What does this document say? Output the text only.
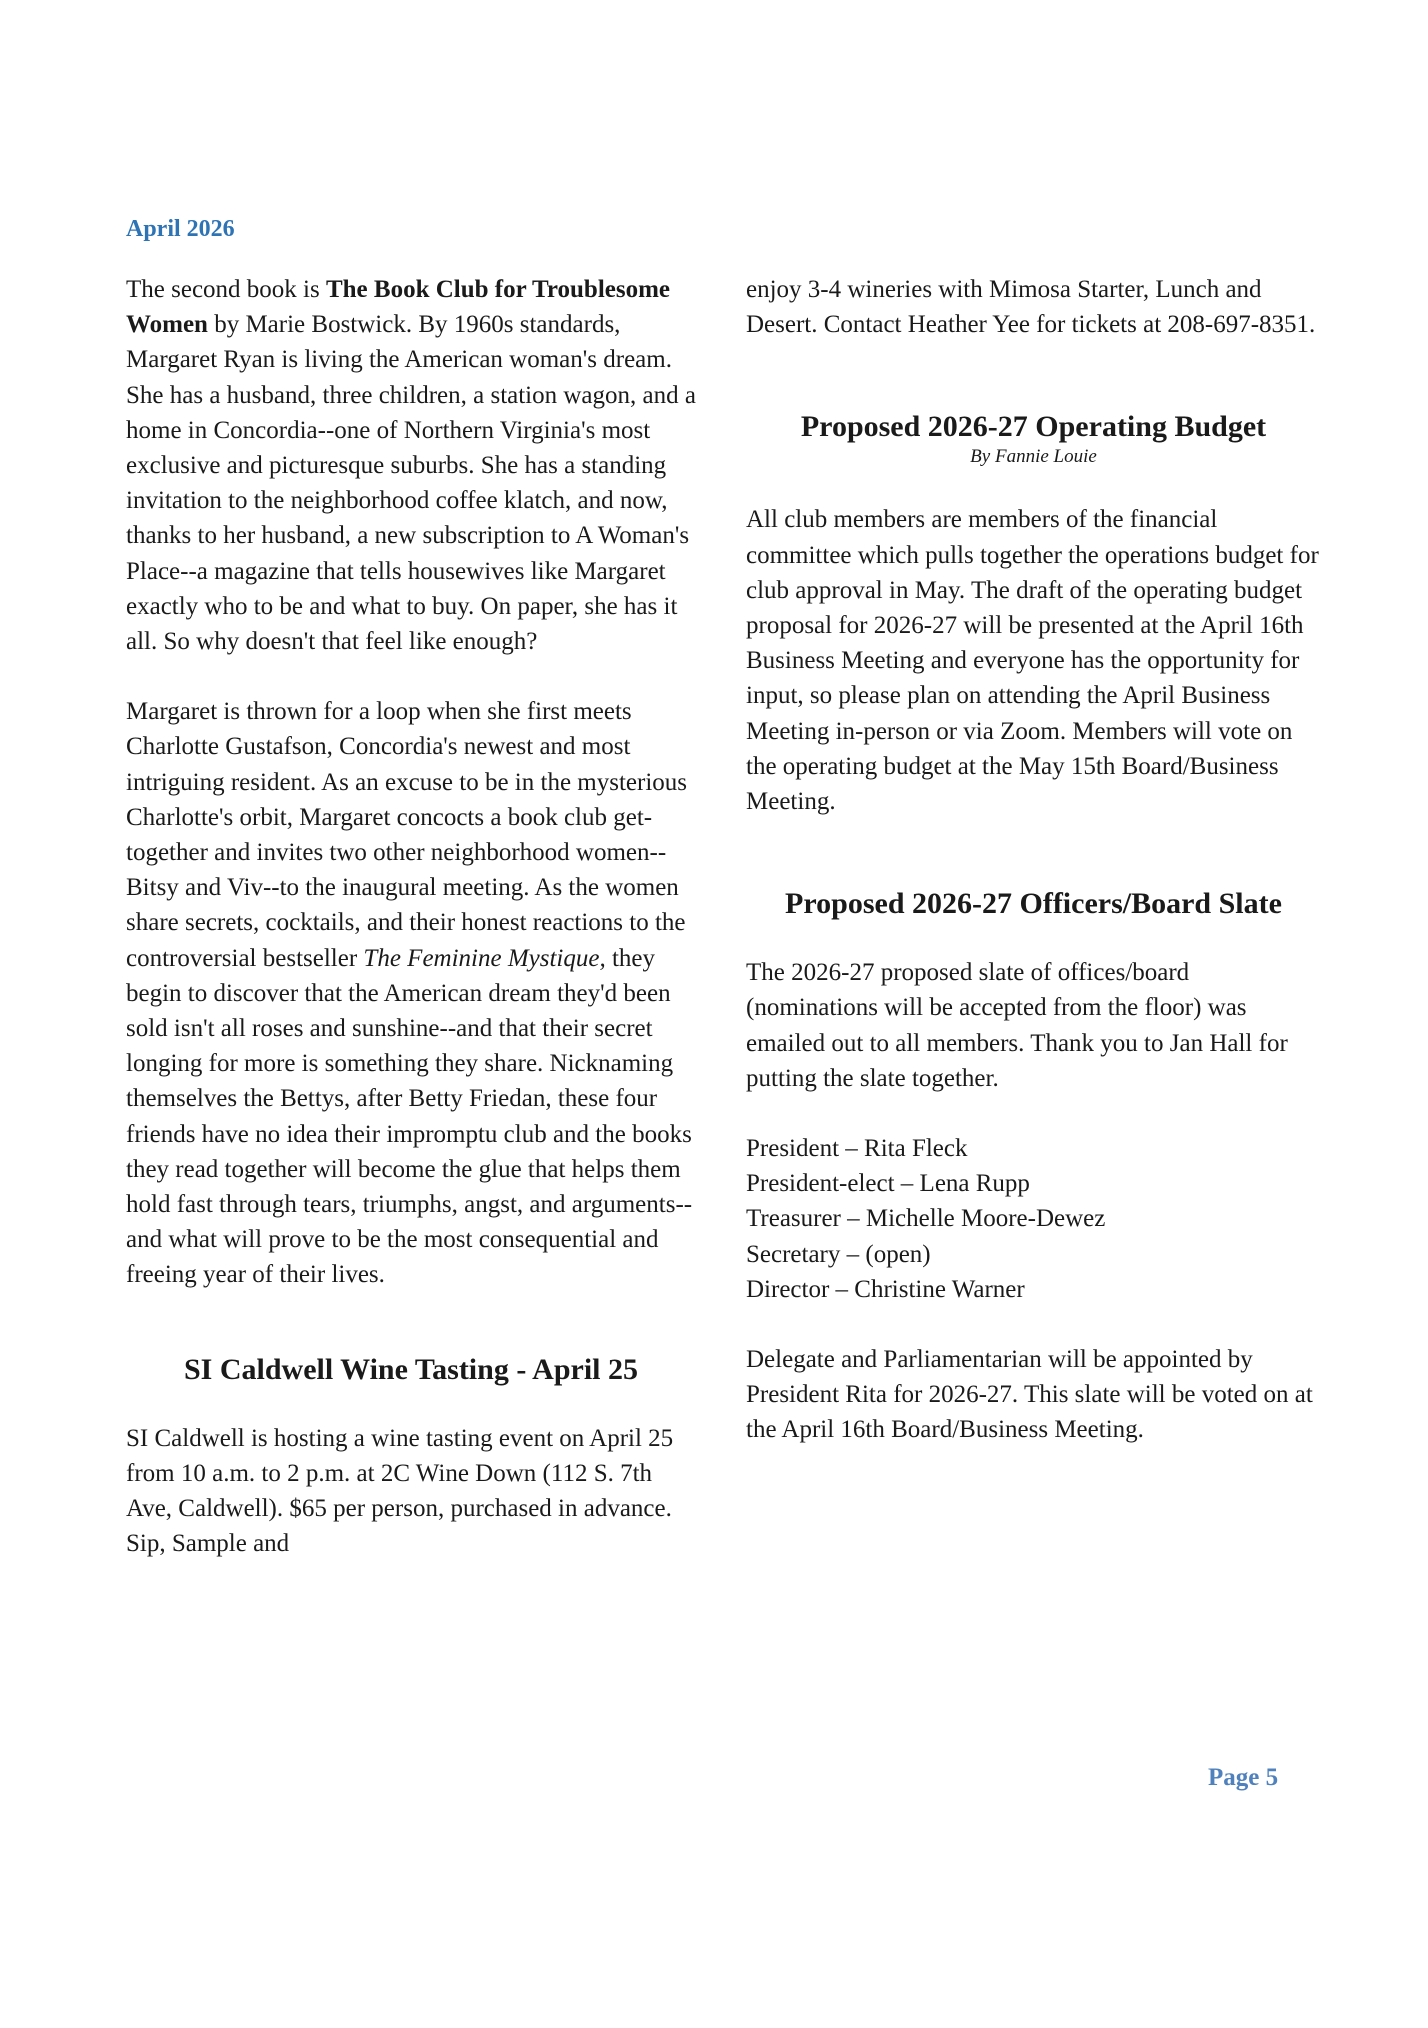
April 2026

The second book is The Book Club for Troublesome Women by Marie Bostwick. By 1960s standards, Margaret Ryan is living the American woman's dream. She has a husband, three children, a station wagon, and a home in Concordia--one of Northern Virginia's most exclusive and picturesque suburbs. She has a standing invitation to the neighborhood coffee klatch, and now, thanks to her husband, a new subscription to A Woman's Place--a magazine that tells housewives like Margaret exactly who to be and what to buy. On paper, she has it all. So why doesn't that feel like enough?

Margaret is thrown for a loop when she first meets Charlotte Gustafson, Concordia's newest and most intriguing resident. As an excuse to be in the mysterious Charlotte's orbit, Margaret concocts a book club get-together and invites two other neighborhood women--Bitsy and Viv--to the inaugural meeting. As the women share secrets, cocktails, and their honest reactions to the controversial bestseller The Feminine Mystique, they begin to discover that the American dream they'd been sold isn't all roses and sunshine--and that their secret longing for more is something they share. Nicknaming themselves the Bettys, after Betty Friedan, these four friends have no idea their impromptu club and the books they read together will become the glue that helps them hold fast through tears, triumphs, angst, and arguments--and what will prove to be the most consequential and freeing year of their lives.

SI Caldwell Wine Tasting - April 25

SI Caldwell is hosting a wine tasting event on April 25 from 10 a.m. to 2 p.m. at 2C Wine Down (112 S. 7th Ave, Caldwell). $65 per person, purchased in advance. Sip, Sample and

enjoy 3-4 wineries with Mimosa Starter, Lunch and Desert. Contact Heather Yee for tickets at 208-697-8351.

Proposed 2026-27 Operating Budget

By Fannie Louie

All club members are members of the financial committee which pulls together the operations budget for club approval in May. The draft of the operating budget proposal for 2026-27 will be presented at the April 16th Business Meeting and everyone has the opportunity for input, so please plan on attending the April Business Meeting in-person or via Zoom. Members will vote on the operating budget at the May 15th Board/Business Meeting.

Proposed 2026-27 Officers/Board Slate

The 2026-27 proposed slate of offices/board (nominations will be accepted from the floor) was emailed out to all members. Thank you to Jan Hall for putting the slate together.

President – Rita Fleck
President-elect – Lena Rupp
Treasurer – Michelle Moore-Dewez
Secretary – (open)
Director – Christine Warner

Delegate and Parliamentarian will be appointed by President Rita for 2026-27. This slate will be voted on at the April 16th Board/Business Meeting.

Page 5
